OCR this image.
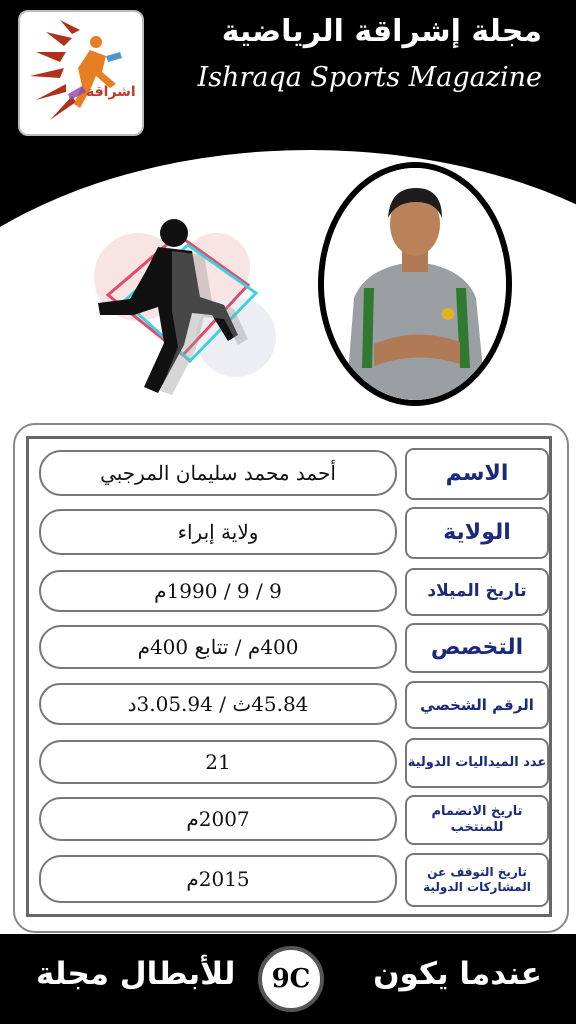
اشراقة
مجلة إشراقة الرياضية
Ishraqa Sports Magazine
الاسم
أحمد محمد سليمان المرجبي
الولاية
ولاية إبراء
تاريخ الميلاد
9 / 9 / 1990م
التخصص
400م / تتابع 400م
الرقم الشخصي
45.84ث / 3.05.94د
عدد الميداليات الدولية
21
تاريخ الانضمام للمنتخب
2007م
تاريخ التوقف عن المشاركات الدولية
2015م
عندما يكون
9C
للأبطال مجلة
